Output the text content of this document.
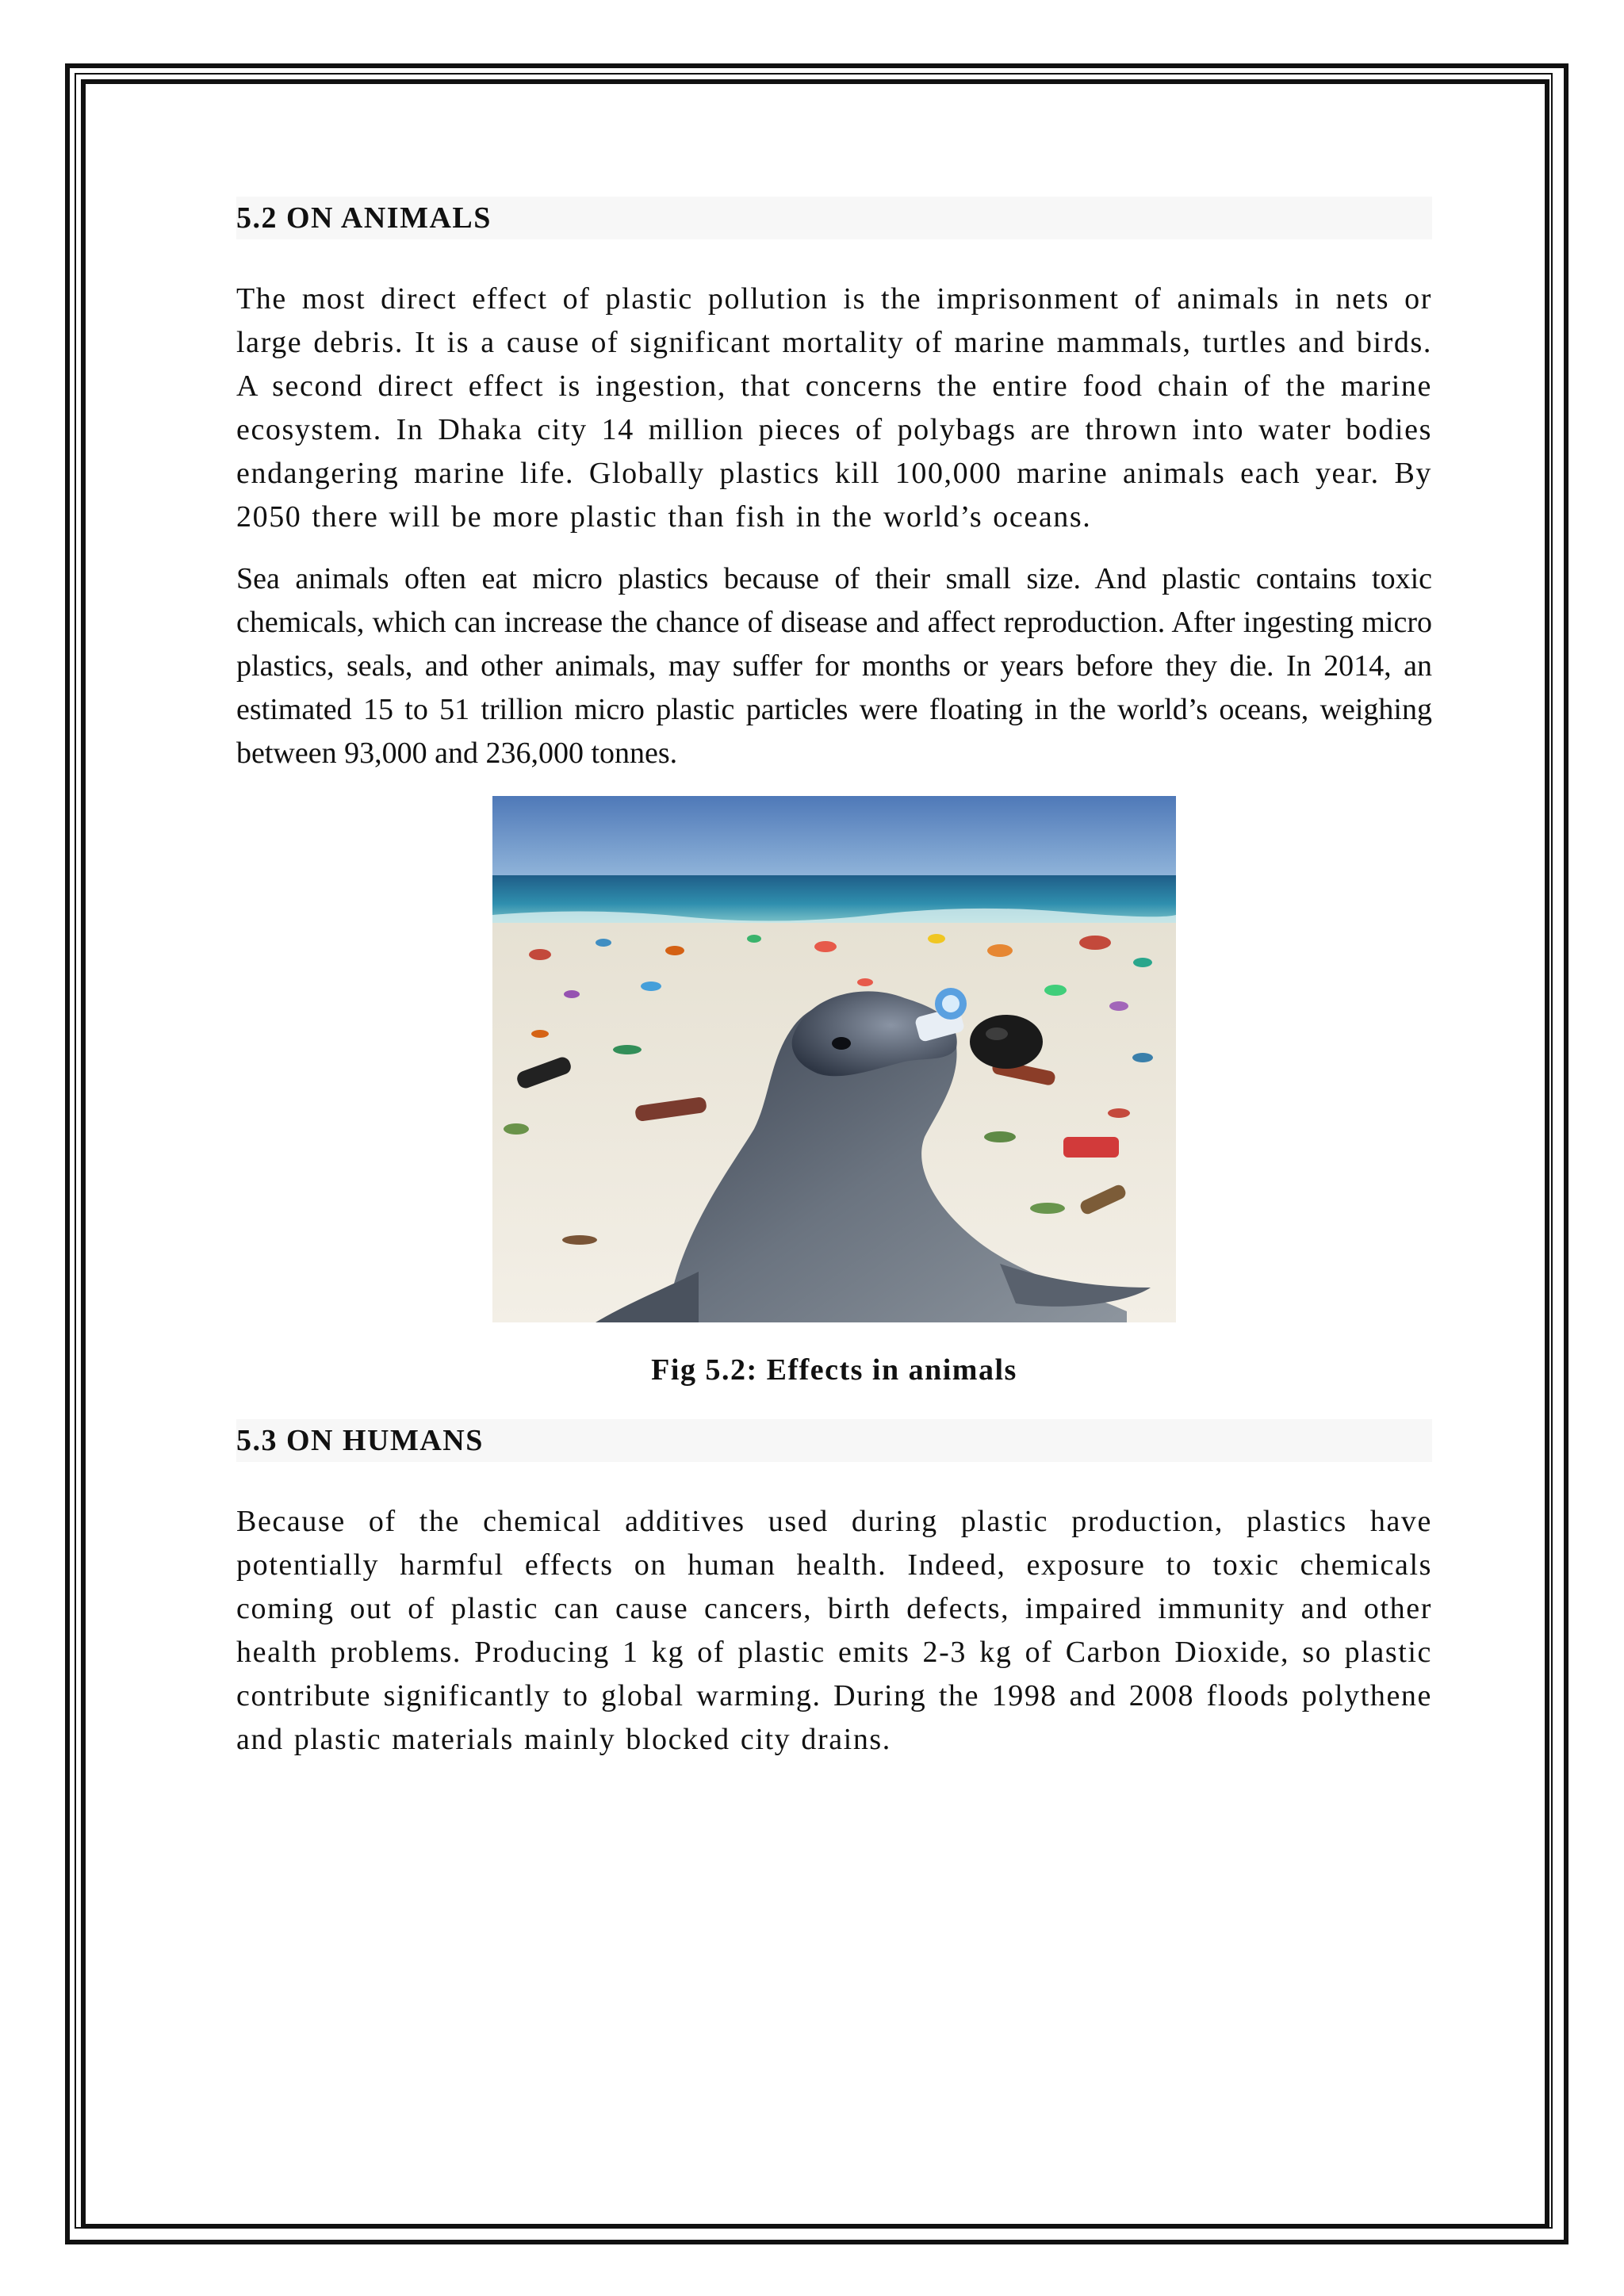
5.2 ON ANIMALS

The most direct effect of plastic pollution is the imprisonment of animals in nets or large debris. It is a cause of significant mortality of marine mammals, turtles and birds. A second direct effect is ingestion, that concerns the entire food chain of the marine ecosystem. In Dhaka city 14 million pieces of polybags are thrown into water bodies endangering marine life. Globally plastics kill 100,000 marine animals each year. By 2050 there will be more plastic than fish in the world’s oceans.

Sea animals often eat micro plastics because of their small size. And plastic contains toxic chemicals, which can increase the chance of disease and affect reproduction. After ingesting micro plastics, seals, and other animals, may suffer for months or years before they die. In 2014, an estimated 15 to 51 trillion micro plastic particles were floating in the world’s oceans, weighing between 93,000 and 236,000 tonnes.

Fig 5.2: Effects in animals
5.3 ON HUMANS

Because of the chemical additives used during plastic production, plastics have potentially harmful effects on human health. Indeed, exposure to toxic chemicals coming out of plastic can cause cancers, birth defects, impaired immunity and other health problems. Producing 1 kg of plastic emits 2-3 kg of Carbon Dioxide, so plastic contribute significantly to global warming. During the 1998 and 2008 floods polythene and plastic materials mainly blocked city drains.
